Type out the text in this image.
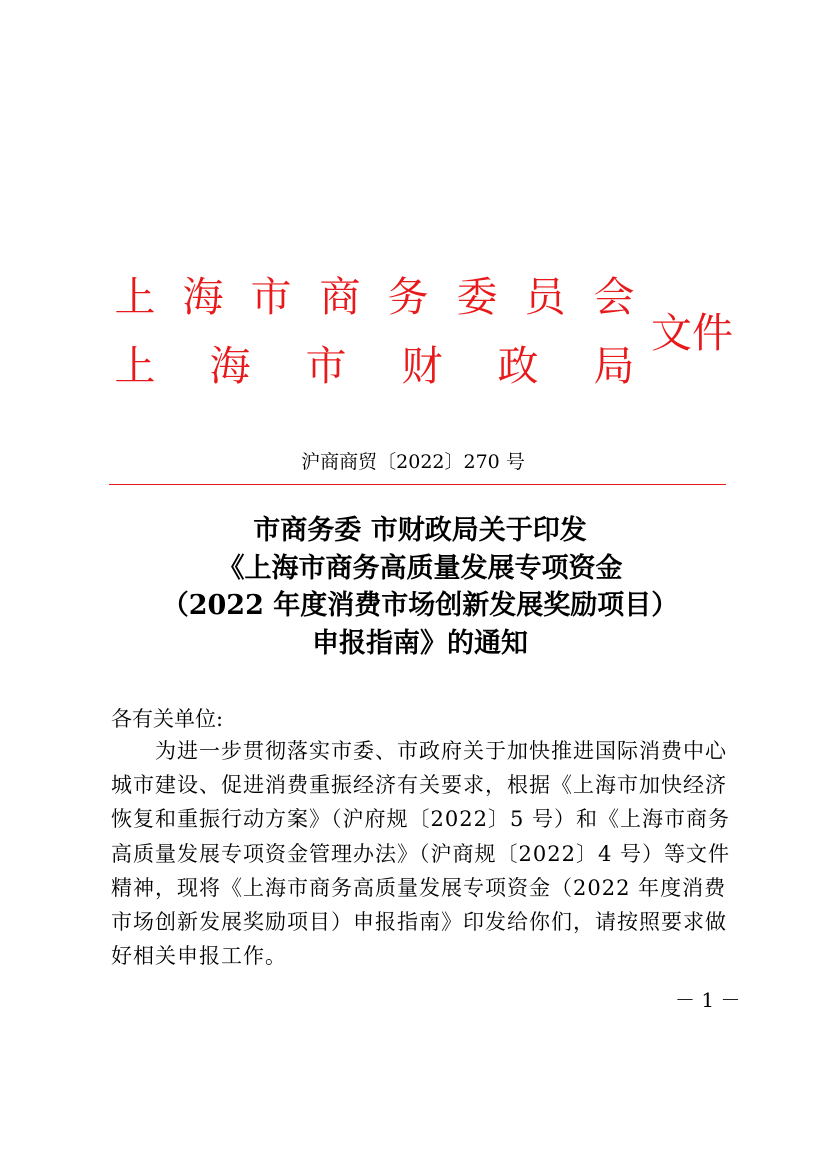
上 海 市 商 务 委 员 会
上 海 市 财 政 局
文件
沪商商贸〔2022〕270 号
市商务委 市财政局关于印发
《上海市商务高质量发展专项资金
（2022 年度消费市场创新发展奖励项目）
申报指南》的通知
各有关单位:
　　为进一步贯彻落实市委、市政府关于加快推进国际消费中心
城市建设、促进消费重振经济有关要求，根据《上海市加快经济
恢复和重振行动方案》（沪府规〔2022〕5 号）和《上海市商务
高质量发展专项资金管理办法》（沪商规〔2022〕4 号）等文件
精神，现将《上海市商务高质量发展专项资金（2022 年度消费
市场创新发展奖励项目）申报指南》印发给你们，请按照要求做
好相关申报工作。
－ 1 －
